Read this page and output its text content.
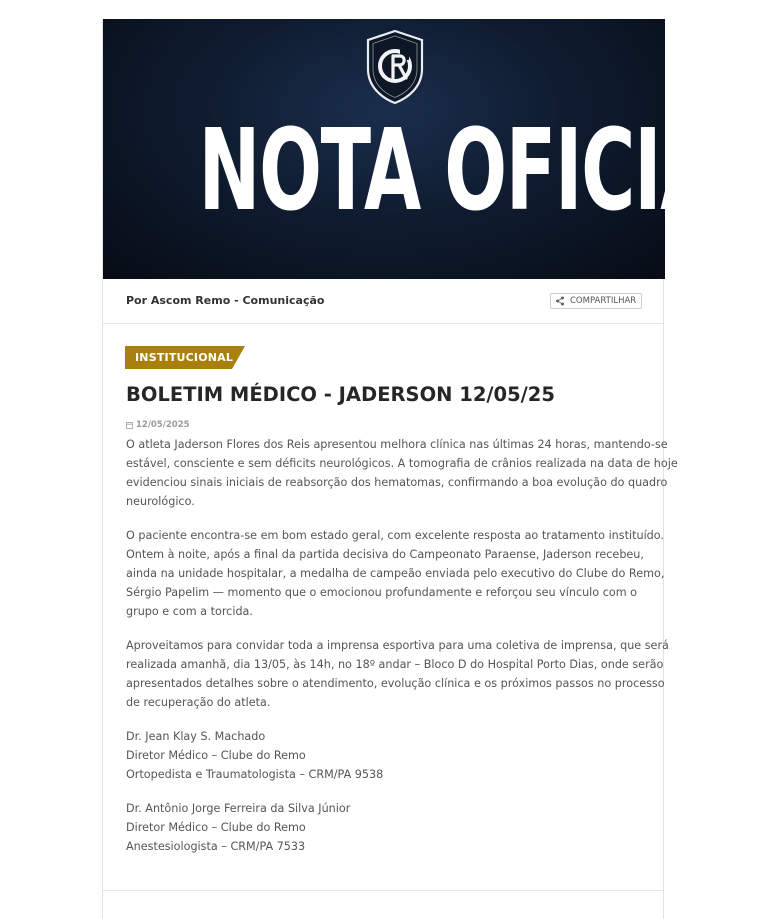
NOTA OFICIAL
Por Ascom Remo - Comunicação	COMPARTILHAR
INSTITUCIONAL
BOLETIM MÉDICO - JADERSON 12/05/25
12/05/2025

O atleta Jaderson Flores dos Reis apresentou melhora clínica nas últimas 24 horas, mantendo-se
estável, consciente e sem déficits neurológicos. A tomografia de crânios realizada na data de hoje
evidenciou sinais iniciais de reabsorção dos hematomas, confirmando a boa evolução do quadro
neurológico.

O paciente encontra-se em bom estado geral, com excelente resposta ao tratamento instituído.
Ontem à noite, após a final da partida decisiva do Campeonato Paraense, Jaderson recebeu,
ainda na unidade hospitalar, a medalha de campeão enviada pelo executivo do Clube do Remo,
Sérgio Papelim — momento que o emocionou profundamente e reforçou seu vínculo com o
grupo e com a torcida.

Aproveitamos para convidar toda a imprensa esportiva para uma coletiva de imprensa, que será
realizada amanhã, dia 13/05, às 14h, no 18º andar – Bloco D do Hospital Porto Dias, onde serão
apresentados detalhes sobre o atendimento, evolução clínica e os próximos passos no processo
de recuperação do atleta.

Dr. Jean Klay S. Machado
Diretor Médico – Clube do Remo
Ortopedista e Traumatologista – CRM/PA 9538

Dr. Antônio Jorge Ferreira da Silva Júnior
Diretor Médico – Clube do Remo
Anestesiologista – CRM/PA 7533
